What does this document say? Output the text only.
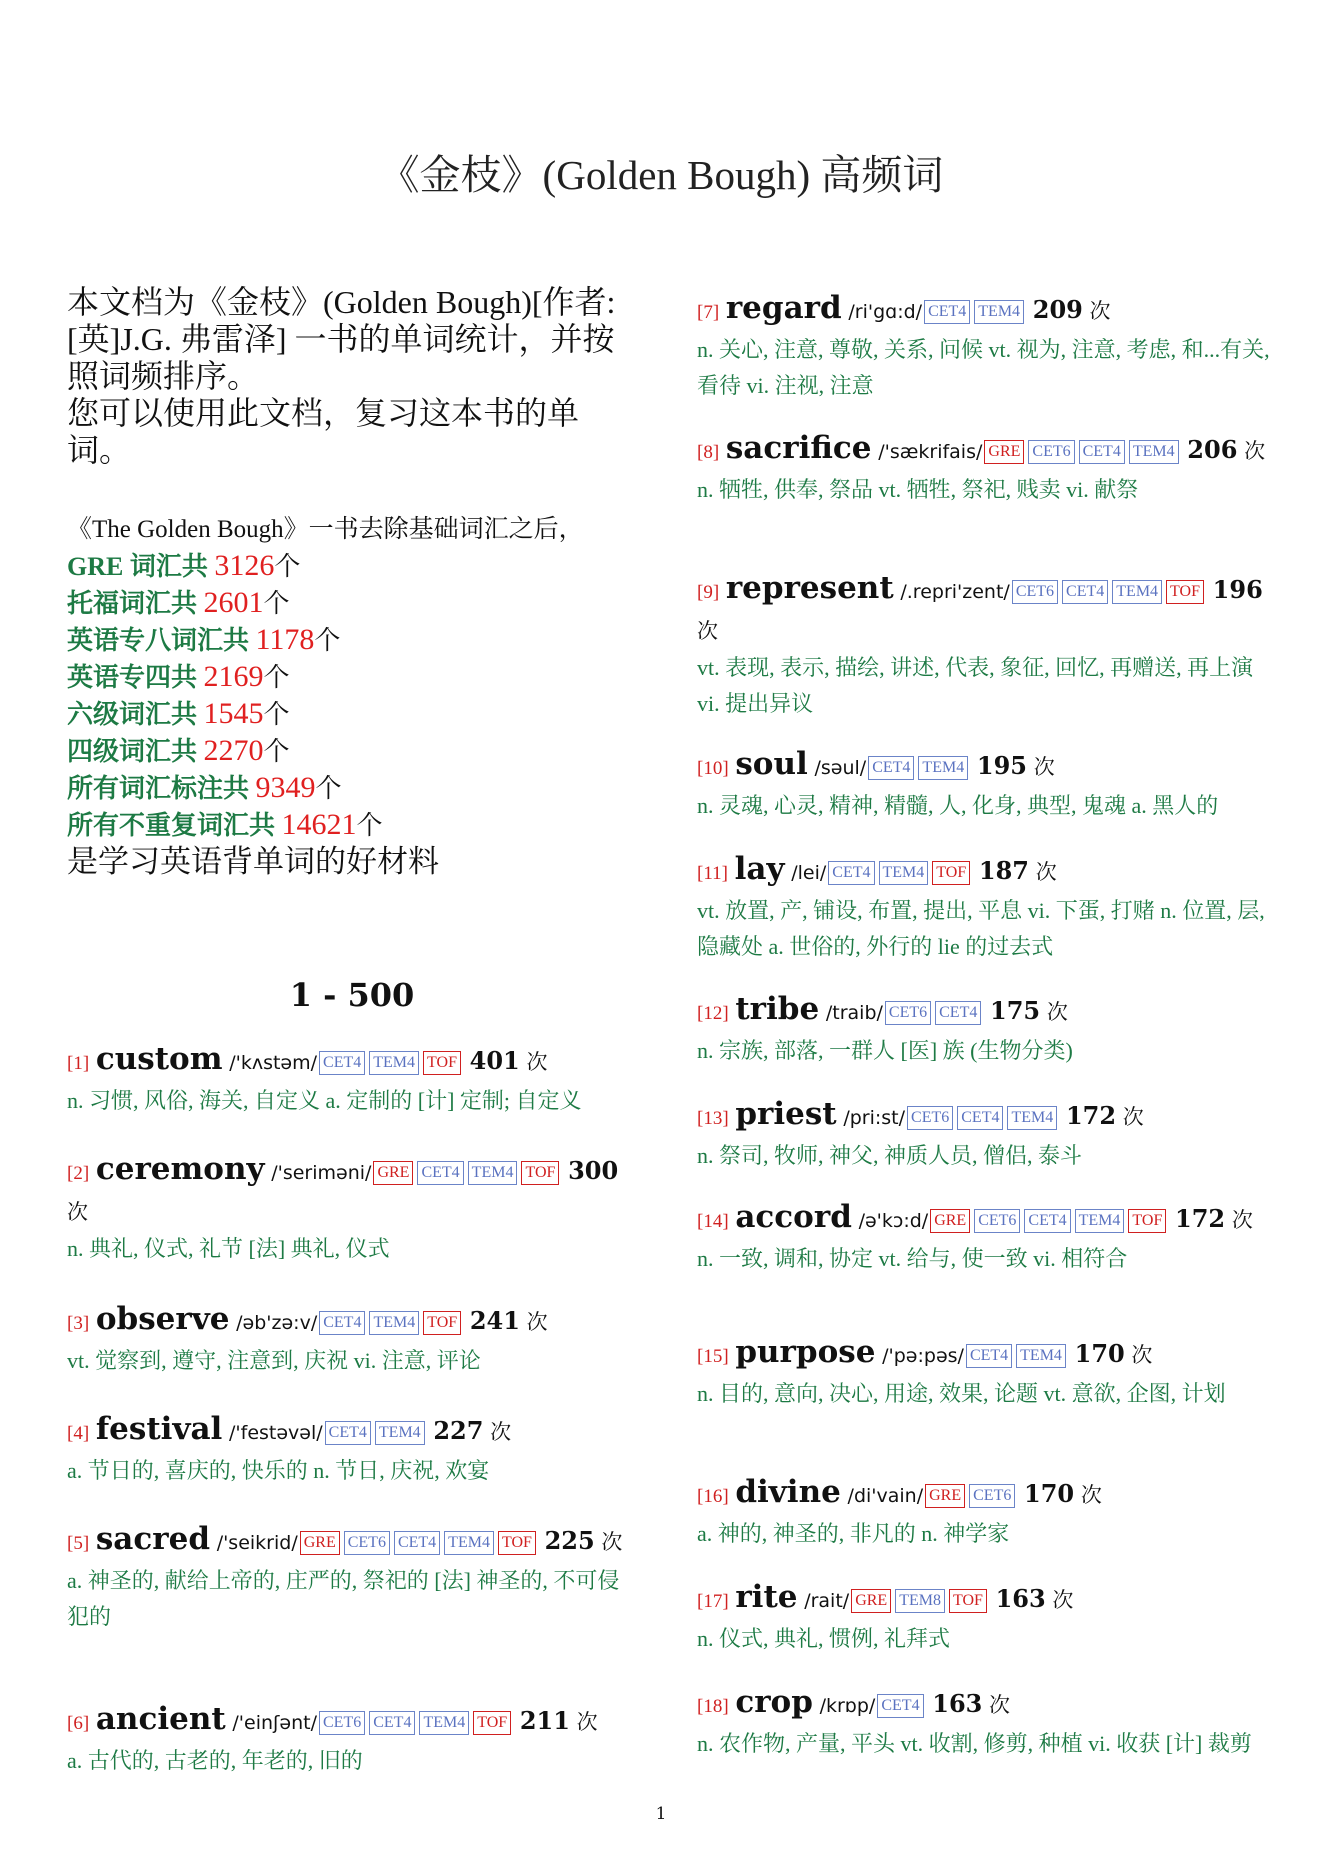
《金枝》(Golden Bough) 高频词
本文档为《金枝》(Golden Bough)[作者: [英]J.G. 弗雷泽] 一书的单词统计，并按照词频排序。
您可以使用此文档，复习这本书的单词。
《The Golden Bough》一书去除基础词汇之后，
GRE 词汇共 3126个
托福词汇共 2601个
英语专八词汇共 1178个
英语专四共 2169个
六级词汇共 1545个
四级词汇共 2270个
所有词汇标注共 9349个
所有不重复词汇共 14621个
是学习英语背单词的好材料
1 - 500
[1] custom /'kʌstəm/ CET4 TEM4 TOF 401 次
n. 习惯, 风俗, 海关, 自定义 a. 定制的 [计] 定制; 自定义
[2] ceremony /'seriməni/ GRE CET4 TEM4 TOF 300 次
n. 典礼, 仪式, 礼节 [法] 典礼, 仪式
[3] observe /əb'zə:v/ CET4 TEM4 TOF 241 次
vt. 觉察到, 遵守, 注意到, 庆祝 vi. 注意, 评论
[4] festival /'festəvəl/ CET4 TEM4 227 次
a. 节日的, 喜庆的, 快乐的 n. 节日, 庆祝, 欢宴
[5] sacred /'seikrid/ GRE CET6 CET4 TEM4 TOF 225 次
a. 神圣的, 献给上帝的, 庄严的, 祭祀的 [法] 神圣的, 不可侵犯的
[6] ancient /'einʃənt/ CET6 CET4 TEM4 TOF 211 次
a. 古代的, 古老的, 年老的, 旧的
[7] regard /ri'gɑ:d/ CET4 TEM4 209 次
n. 关心, 注意, 尊敬, 关系, 问候 vt. 视为, 注意, 考虑, 和...有关, 看待 vi. 注视, 注意
[8] sacrifice /'sækrifais/ GRE CET6 CET4 TEM4 206 次
n. 牺牲, 供奉, 祭品 vt. 牺牲, 祭祀, 贱卖 vi. 献祭
[9] represent /.repri'zent/ CET6 CET4 TEM4 TOF 196 次
vt. 表现, 表示, 描绘, 讲述, 代表, 象征, 回忆, 再赠送, 再上演 vi. 提出异议
[10] soul /səul/ CET4 TEM4 195 次
n. 灵魂, 心灵, 精神, 精髓, 人, 化身, 典型, 鬼魂 a. 黑人的
[11] lay /lei/ CET4 TEM4 TOF 187 次
vt. 放置, 产, 铺设, 布置, 提出, 平息 vi. 下蛋, 打赌 n. 位置, 层, 隐藏处 a. 世俗的, 外行的 lie 的过去式
[12] tribe /traib/ CET6 CET4 175 次
n. 宗族, 部落, 一群人 [医] 族 (生物分类)
[13] priest /pri:st/ CET6 CET4 TEM4 172 次
n. 祭司, 牧师, 神父, 神质人员, 僧侣, 泰斗
[14] accord /ə'kɔ:d/ GRE CET6 CET4 TEM4 TOF 172 次
n. 一致, 调和, 协定 vt. 给与, 使一致 vi. 相符合
[15] purpose /'pə:pəs/ CET4 TEM4 170 次
n. 目的, 意向, 决心, 用途, 效果, 论题 vt. 意欲, 企图, 计划
[16] divine /di'vain/ GRE CET6 170 次
a. 神的, 神圣的, 非凡的 n. 神学家
[17] rite /rait/ GRE TEM8 TOF 163 次
n. 仪式, 典礼, 惯例, 礼拜式
[18] crop /krɒp/ CET4 163 次
n. 农作物, 产量, 平头 vt. 收割, 修剪, 种植 vi. 收获 [计] 裁剪
1
